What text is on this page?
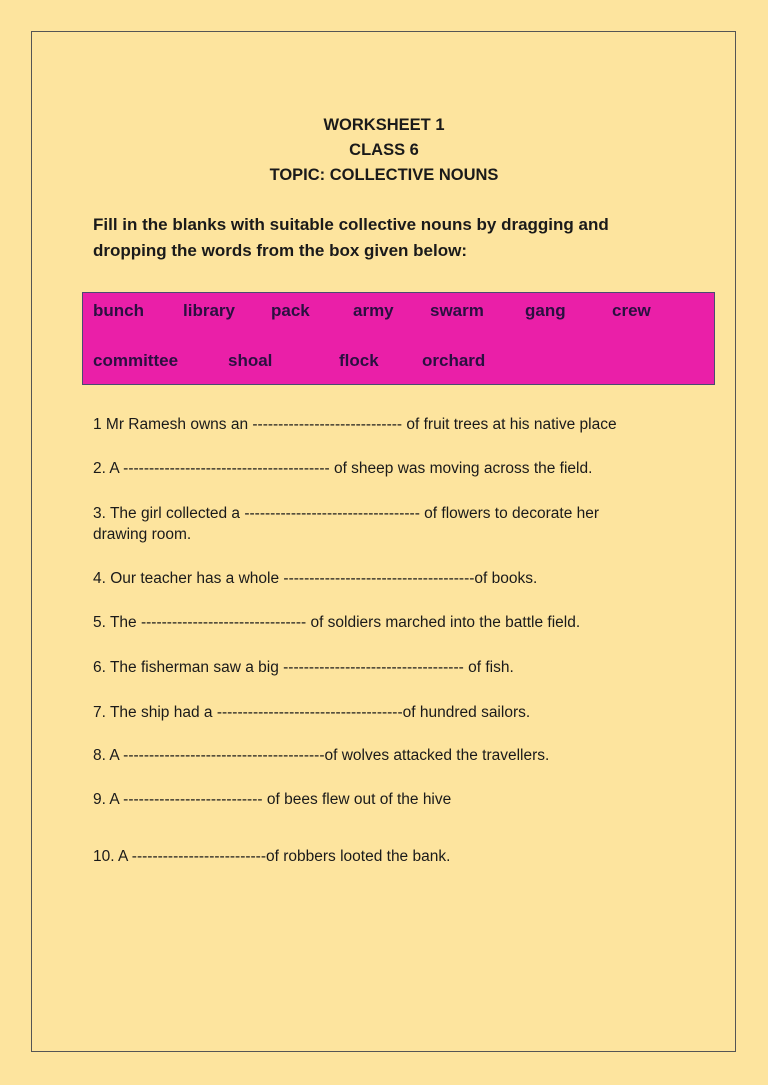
WORKSHEET 1
CLASS 6
TOPIC: COLLECTIVE NOUNS
Fill in the blanks with suitable collective nouns by dragging and dropping the words from the box given below:
bunch library pack	army swarm gang	crew
committee	shoal	flock	orchard
1 Mr Ramesh owns an ----------------------------- of fruit trees at his native place
2. A ---------------------------------------- of sheep was moving across the field.
3. The girl collected a ---------------------------------- of flowers to decorate her drawing room.
4. Our teacher has a whole -------------------------------------of books.
5. The -------------------------------- of soldiers marched into the battle field.
6. The fisherman saw a big ----------------------------------- of fish.
7. The ship had a ------------------------------------of hundred sailors.
8. A ---------------------------------------of wolves attacked the travellers.
9. A --------------------------- of bees flew out of the hive
10. A --------------------------of robbers looted the bank.
